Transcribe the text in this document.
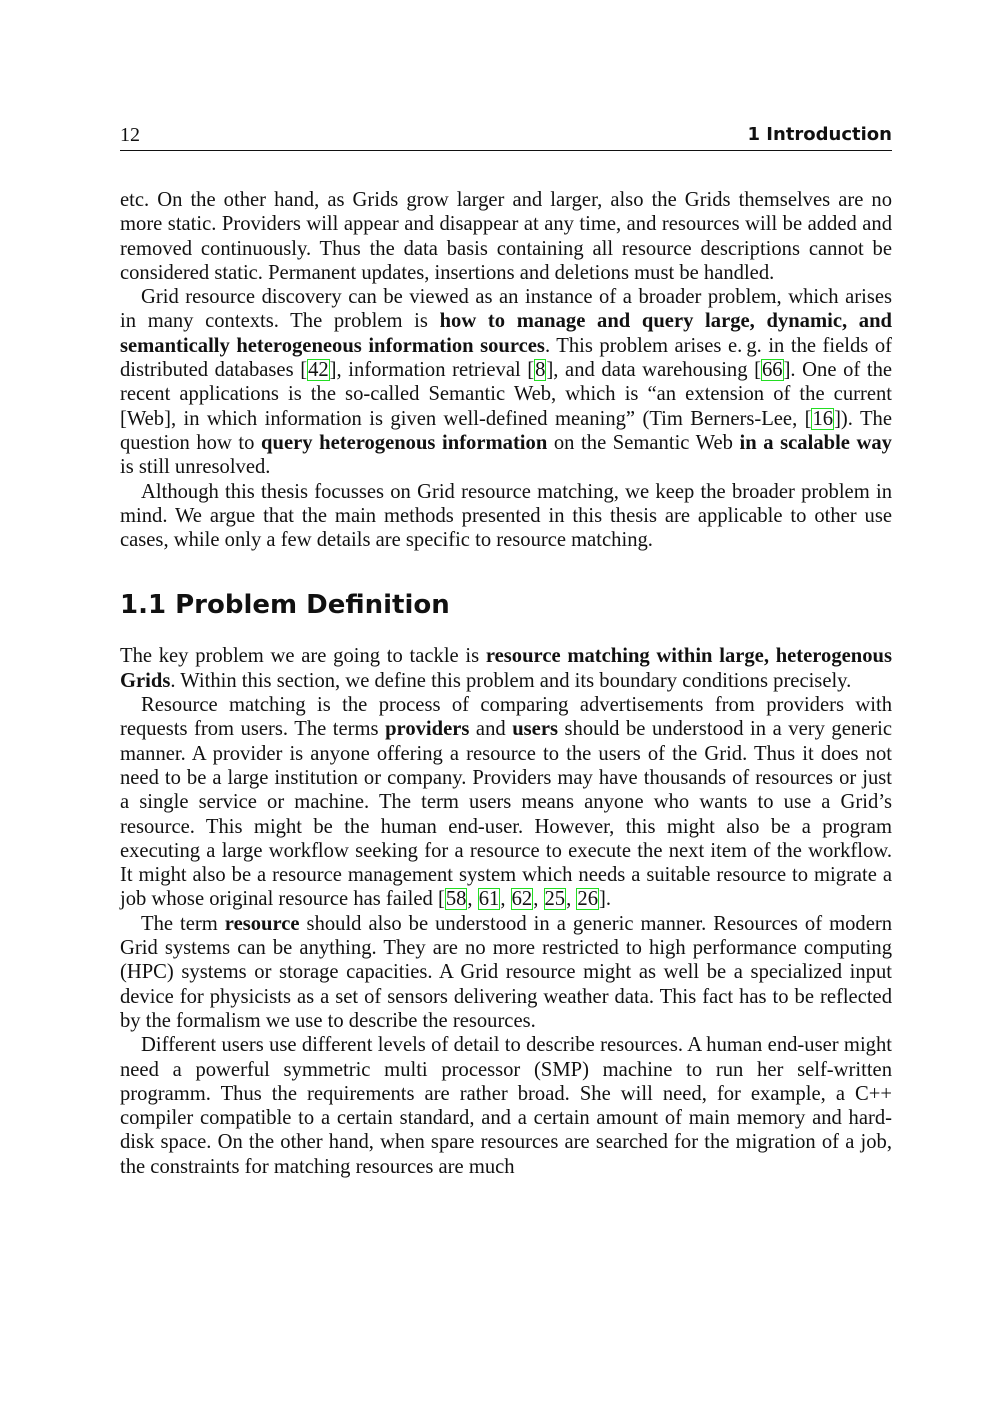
12	1 Introduction

etc. On the other hand, as Grids grow larger and larger, also the Grids themselves are no more static. Providers will appear and disappear at any time, and resources will be added and removed continuously. Thus the data basis containing all resource descriptions cannot be considered static. Permanent updates, insertions and deletions must be handled.

Grid resource discovery can be viewed as an instance of a broader problem, which arises in many contexts. The problem is how to manage and query large, dynamic, and semantically heterogeneous information sources. This problem arises e. g. in the fields of distributed databases [42], information retrieval [8], and data warehousing [66]. One of the recent applications is the so-called Semantic Web, which is “an extension of the current [Web], in which information is given well-defined meaning” (Tim Berners-Lee, [16]). The question how to query heterogenous information on the Semantic Web in a scalable way is still unresolved.

Although this thesis focusses on Grid resource matching, we keep the broader problem in mind. We argue that the main methods presented in this thesis are applicable to other use cases, while only a few details are specific to resource matching.

1.1 Problem Definition

The key problem we are going to tackle is resource matching within large, heterogenous Grids. Within this section, we define this problem and its boundary conditions precisely.

Resource matching is the process of comparing advertisements from providers with requests from users. The terms providers and users should be understood in a very generic manner. A provider is anyone offering a resource to the users of the Grid. Thus it does not need to be a large institution or company. Providers may have thousands of resources or just a single service or machine. The term users means anyone who wants to use a Grid’s resource. This might be the human end-user. However, this might also be a program executing a large workflow seeking for a resource to execute the next item of the workflow. It might also be a resource management system which needs a suitable resource to migrate a job whose original resource has failed [58, 61, 62, 25, 26].

The term resource should also be understood in a generic manner. Resources of modern Grid systems can be anything. They are no more restricted to high performance computing (HPC) systems or storage capacities. A Grid resource might as well be a specialized input device for physicists as a set of sensors delivering weather data. This fact has to be reflected by the formalism we use to describe the resources.

Different users use different levels of detail to describe resources. A human end-user might need a powerful symmetric multi processor (SMP) machine to run her self-written programm. Thus the requirements are rather broad. She will need, for example, a C++ compiler compatible to a certain standard, and a certain amount of main memory and hard-disk space. On the other hand, when spare resources are searched for the migration of a job, the constraints for matching resources are much
